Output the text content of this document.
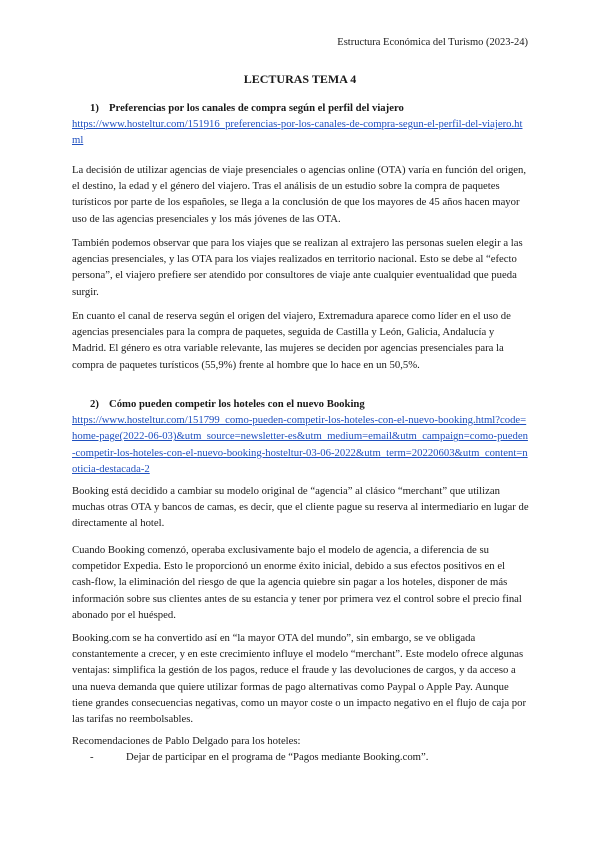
Estructura Económica del Turismo (2023-24)
LECTURAS TEMA 4
1) Preferencias por los canales de compra según el perfil del viajero
https://www.hosteltur.com/151916_preferencias-por-los-canales-de-compra-segun-el-perfil-del-viajero.html

La decisión de utilizar agencias de viaje presenciales o agencias online (OTA) varía en función del origen, el destino, la edad y el género del viajero. Tras el análisis de un estudio sobre la compra de paquetes turísticos por parte de los españoles, se llega a la conclusión de que los mayores de 45 años hacen mayor uso de las agencias presenciales y los más jóvenes de las OTA.

También podemos observar que para los viajes que se realizan al extrajero las personas suelen elegir a las agencias presenciales, y las OTA para los viajes realizados en territorio nacional. Esto se debe al “efecto persona”, el viajero prefiere ser atendido por consultores de viaje ante cualquier eventualidad que pueda surgir.

En cuanto el canal de reserva según el origen del viajero, Extremadura aparece como líder en el uso de agencias presenciales para la compra de paquetes, seguida de Castilla y León, Galicia, Andalucía y Madrid. El género es otra variable relevante, las mujeres se deciden por agencias presenciales para la compra de paquetes turísticos (55,9%) frente al hombre que lo hace en un 50,5%.

2) Cómo pueden competir los hoteles con el nuevo Booking
https://www.hosteltur.com/151799_como-pueden-competir-los-hoteles-con-el-nuevo-booking.html?code=home-page(2022-06-03)&utm_source=newsletter-es&utm_medium=email&utm_campaign=como-pueden-competir-los-hoteles-con-el-nuevo-booking-hosteltur-03-06-2022&utm_term=20220603&utm_content=noticia-destacada-2

Booking está decidido a cambiar su modelo original de “agencia” al clásico “merchant” que utilizan muchas otras OTA y bancos de camas, es decir, que el cliente pague su reserva al intermediario en lugar de directamente al hotel.

Cuando Booking comenzó, operaba exclusivamente bajo el modelo de agencia, a diferencia de su competidor Expedia. Esto le proporcionó un enorme éxito inicial, debido a sus efectos positivos en el cash-flow, la eliminación del riesgo de que la agencia quiebre sin pagar a los hoteles, disponer de más información sobre sus clientes antes de su estancia y tener por primera vez el control sobre el precio final abonado por el huésped.

Booking.com se ha convertido así en “la mayor OTA del mundo”, sin embargo, se ve obligada constantemente a crecer, y en este crecimiento influye el modelo “merchant”. Este modelo ofrece algunas ventajas: simplifica la gestión de los pagos, reduce el fraude y las devoluciones de cargos, y da acceso a una nueva demanda que quiere utilizar formas de pago alternativas como Paypal o Apple Pay. Aunque tiene grandes consecuencias negativas, como un mayor coste o un impacto negativo en el flujo de caja por las tarifas no reembolsables.

Recomendaciones de Pablo Delgado para los hoteles:

-	Dejar de participar en el programa de “Pagos mediante Booking.com”.
